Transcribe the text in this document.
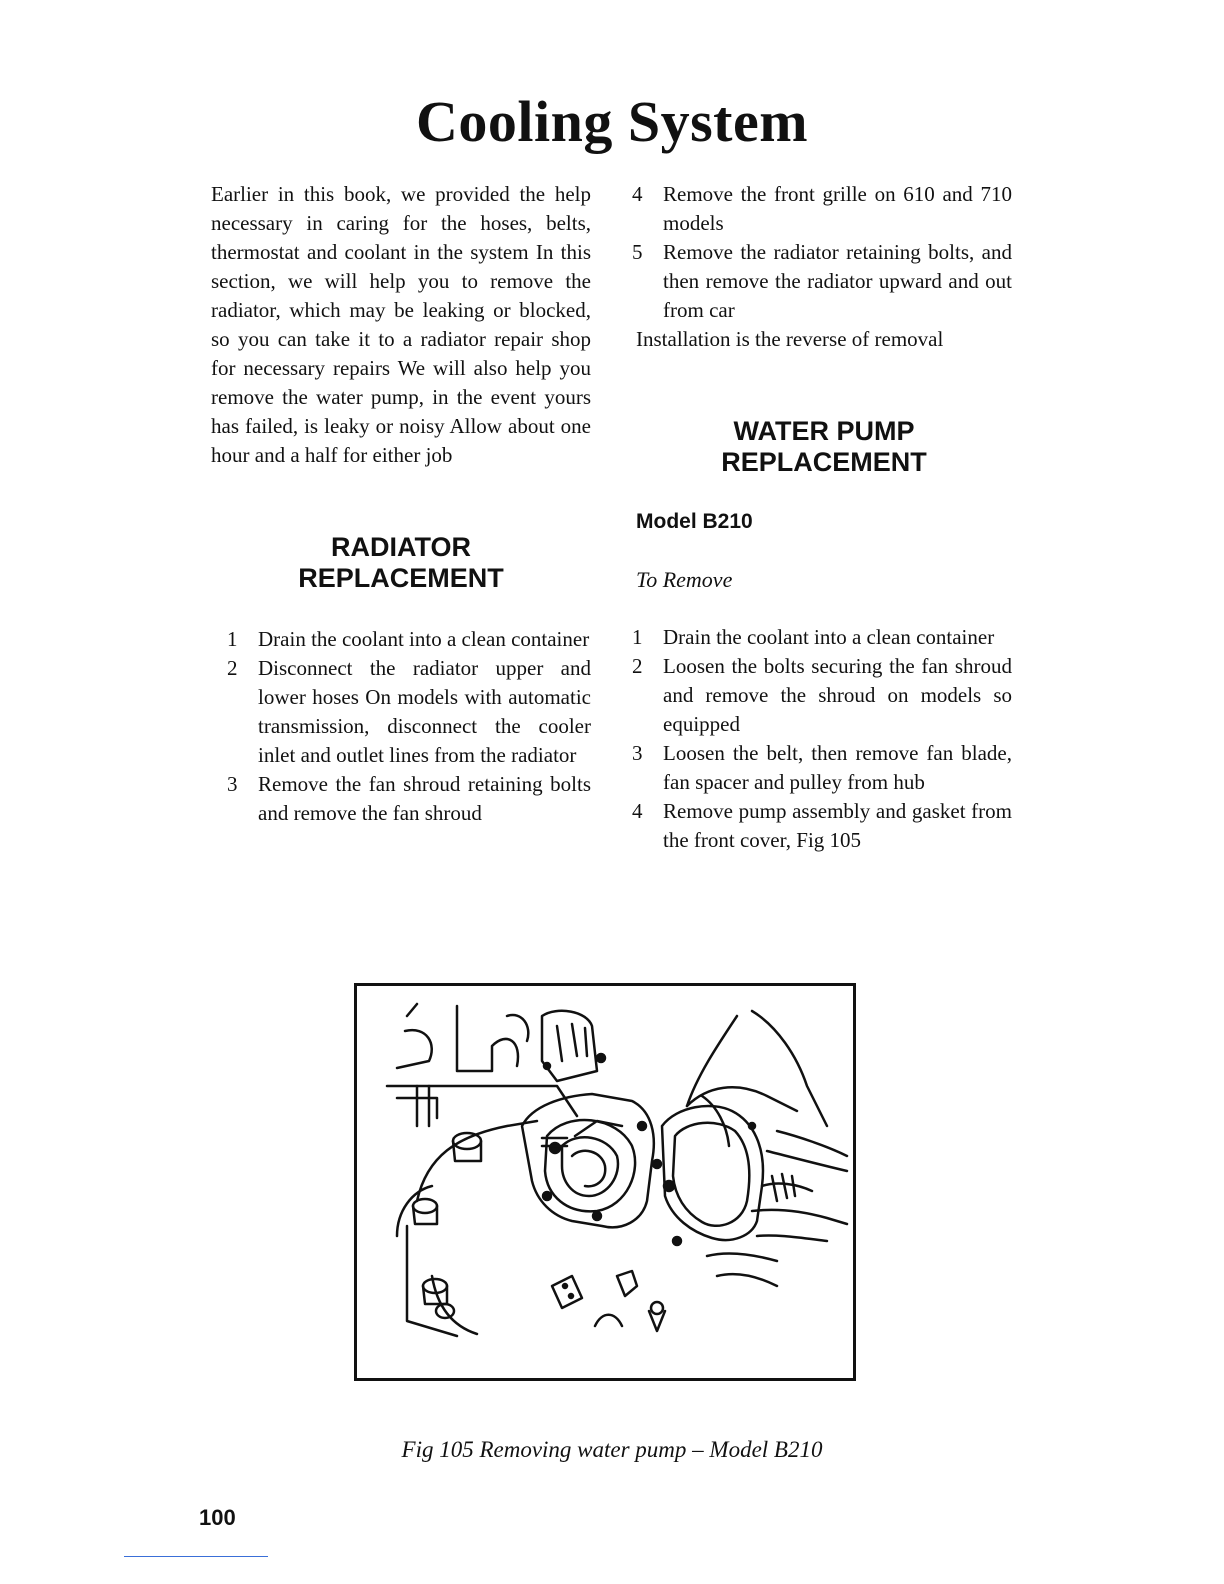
Cooling System

Earlier in this book, we provided the help necessary in caring for the hoses, belts, thermostat and coolant in the system In this section, we will help you to remove the radiator, which may be leaking or blocked, so you can take it to a radiator repair shop for necessary repairs We will also help you remove the water pump, in the event yours has failed, is leaky or noisy Allow about one hour and a half for either job

RADIATOR
REPLACEMENT

1 Drain the coolant into a clean container
2 Disconnect the radiator upper and lower hoses On models with automatic transmission, disconnect the cooler inlet and outlet lines from the radiator
3 Remove the fan shroud retaining bolts and remove the fan shroud
4 Remove the front grille on 610 and 710 models
5 Remove the radiator retaining bolts, and then remove the radiator upward and out from car

Installation is the reverse of removal

WATER PUMP
REPLACEMENT

Model B210

To Remove

1 Drain the coolant into a clean container
2 Loosen the bolts securing the fan shroud and remove the shroud on models so equipped
3 Loosen the belt, then remove fan blade, fan spacer and pulley from hub
4 Remove pump assembly and gasket from the front cover, Fig 105
Fig 105 Removing water pump – Model B210
100
